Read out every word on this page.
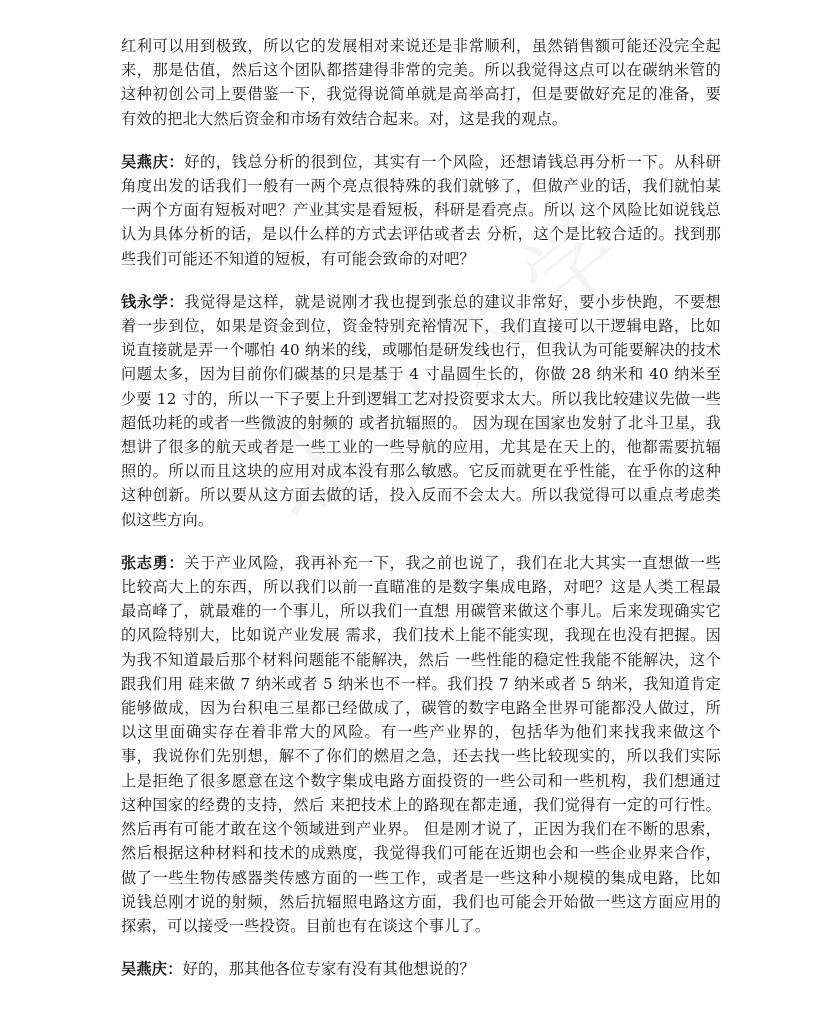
红利可以用到极致，所以它的发展相对来说还是非常顺利，虽然销售额可能还没完全起来，那是估值，然后这个团队都搭建得非常的完美。所以我觉得这点可以在碳纳米管的这种初创公司上要借鉴一下，我觉得说简单就是高举高打，但是要做好充足的准备，要有效的把北大然后资金和市场有效结合起来。对，这是我的观点。

吴燕庆：好的，钱总分析的很到位，其实有一个风险，还想请钱总再分析一下。从科研角度出发的话我们一般有一两个亮点很特殊的我们就够了，但做产业的话，我们就怕某一两个方面有短板对吧？产业其实是看短板，科研是看亮点。所以 这个风险比如说钱总认为具体分析的话，是以什么样的方式去评估或者去 分析，这个是比较合适的。找到那些我们可能还不知道的短板，有可能会致命的对吧？

钱永学：我觉得是这样，就是说刚才我也提到张总的建议非常好，要小步快跑，不要想着一步到位，如果是资金到位，资金特别充裕情况下，我们直接可以干逻辑电路，比如说直接就是弄一个哪怕 40 纳米的线，或哪怕是研发线也行，但我认为可能要解决的技术问题太多，因为目前你们碳基的只是基于 4 寸晶圆生长的，你做 28 纳米和 40 纳米至少要 12 寸的，所以一下子要上升到逻辑工艺对投资要求太大。所以我比较建议先做一些超低功耗的或者一些微波的射频的 或者抗辐照的。 因为现在国家也发射了北斗卫星，我想讲了很多的航天或者是一些工业的一些导航的应用，尤其是在天上的，他都需要抗辐照的。所以而且这块的应用对成本没有那么敏感。它反而就更在乎性能，在乎你的这种这种创新。所以要从这方面去做的话，投入反而不会太大。所以我觉得可以重点考虑类似这些方向。

张志勇：关于产业风险，我再补充一下，我之前也说了，我们在北大其实一直想做一些比较高大上的东西，所以我们以前一直瞄准的是数字集成电路，对吧？这是人类工程最最高峰了，就最难的一个事儿，所以我们一直想 用碳管来做这个事儿。后来发现确实它的风险特别大，比如说产业发展 需求，我们技术上能不能实现，我现在也没有把握。因为我不知道最后那个材料问题能不能解决，然后 一些性能的稳定性我能不能解决，这个跟我们用 硅来做 7 纳米或者 5 纳米也不一样。我们投 7 纳米或者 5 纳米，我知道肯定能够做成，因为台积电三星都已经做成了，碳管的数字电路全世界可能都没人做过，所以这里面确实存在着非常大的风险。有一些产业界的，包括华为他们来找我来做这个事，我说你们先别想，解不了你们的燃眉之急，还去找一些比较现实的，所以我们实际上是拒绝了很多愿意在这个数字集成电路方面投资的一些公司和一些机构，我们想通过这种国家的经费的支持，然后 来把技术上的路现在都走通，我们觉得有一定的可行性。然后再有可能才敢在这个领域进到产业界。 但是刚才说了，正因为我们在不断的思索，然后根据这种材料和技术的成熟度，我觉得我们可能在近期也会和一些企业界来合作，做了一些生物传感器类传感方面的一些工作，或者是一些这种小规模的集成电路，比如说钱总刚才说的射频，然后抗辐照电路这方面，我们也可能会开始做一些这方面应用的探索，可以接受一些投资。目前也有在谈这个事儿了。

吴燕庆：好的，那其他各位专家有没有其他想说的？
